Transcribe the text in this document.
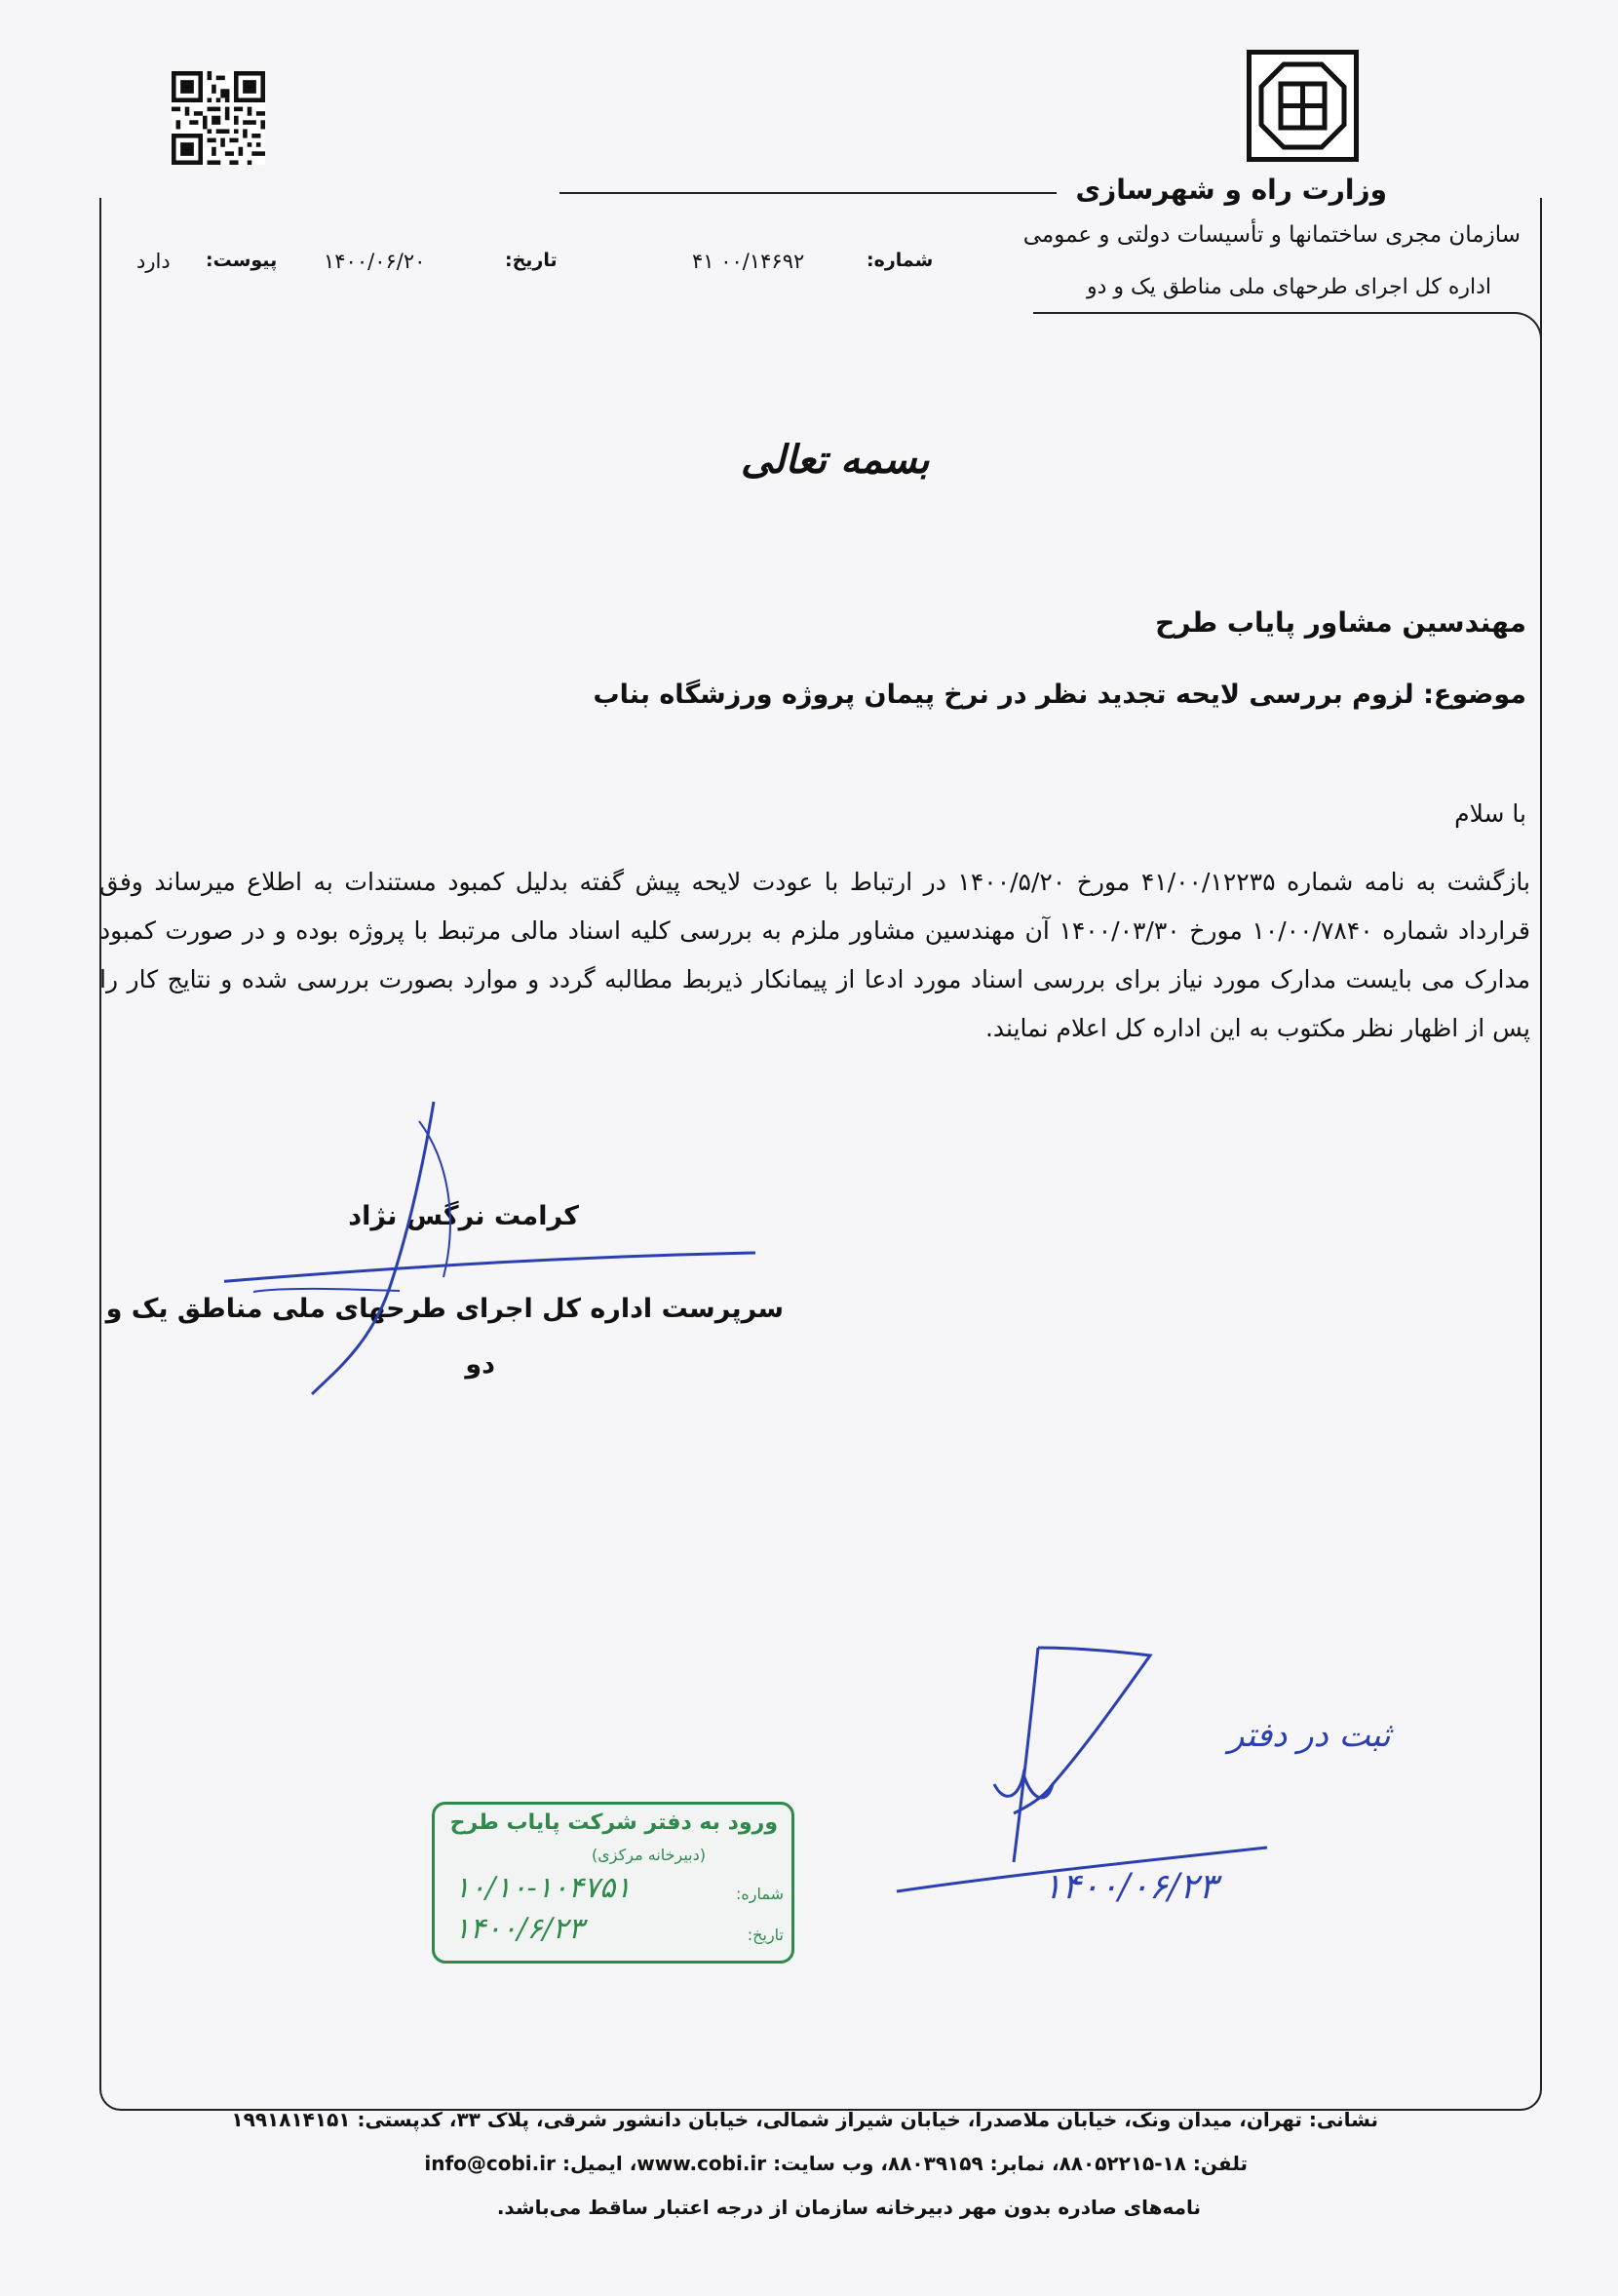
وزارت راه و شهرسازی
سازمان مجری ساختمانها و تأسیسات دولتی و عمومی
اداره کل اجرای طرحهای ملی مناطق یک و دو
شماره:
۴۱ ۰۰/۱۴۶۹۲
تاریخ:
۱۴۰۰/۰۶/۲۰
پیوست:
دارد
بسمه تعالی
مهندسین مشاور پایاب طرح
موضوع: لزوم بررسی لایحه تجدید نظر در نرخ پیمان پروژه ورزشگاه بناب
با سلام
بازگشت به نامه شماره ۴۱/۰۰/۱۲۲۳۵ مورخ ۱۴۰۰/۵/۲۰ در ارتباط با عودت لایحه پیش گفته بدلیل کمبود مستندات به اطلاع میرساند وفق قرارداد شماره ۱۰/۰۰/۷۸۴۰ مورخ ۱۴۰۰/۰۳/۳۰ آن مهندسین مشاور ملزم به بررسی کلیه اسناد مالی مرتبط با پروژه بوده و در صورت کمبود مدارک می بایست مدارک مورد نیاز برای بررسی اسناد مورد ادعا از پیمانکار ذیربط مطالبه گردد و موارد بصورت بررسی شده و نتایج کار را پس از اظهار نظر مکتوب به این اداره کل اعلام نمایند.
کرامت نرگس نژاد
سرپرست اداره کل اجرای طرحهای ملی مناطق یک و
دو
ثبت در دفتر
۱۴۰۰/۰۶/۲۳
ورود به دفتر شرکت پایاب طرح
(دبیرخانه مرکزی)
شماره:
۱۰/۱۰-۱۰۴۷۵۱
تاریخ:
۱۴۰۰/۶/۲۳
نشانی: تهران، میدان ونک، خیابان ملاصدرا، خیابان شیراز شمالی، خیابان دانشور شرقی، پلاک ۳۳، کدپستی: ۱۹۹۱۸۱۴۱۵۱
تلفن: ۱۸-۸۸۰۵۲۲۱۵، نمابر: ۸۸۰۳۹۱۵۹، وب سایت: www.cobi.ir، ایمیل: info@cobi.ir
نامه‌های صادره بدون مهر دبیرخانه سازمان از درجه اعتبار ساقط می‌باشد.
